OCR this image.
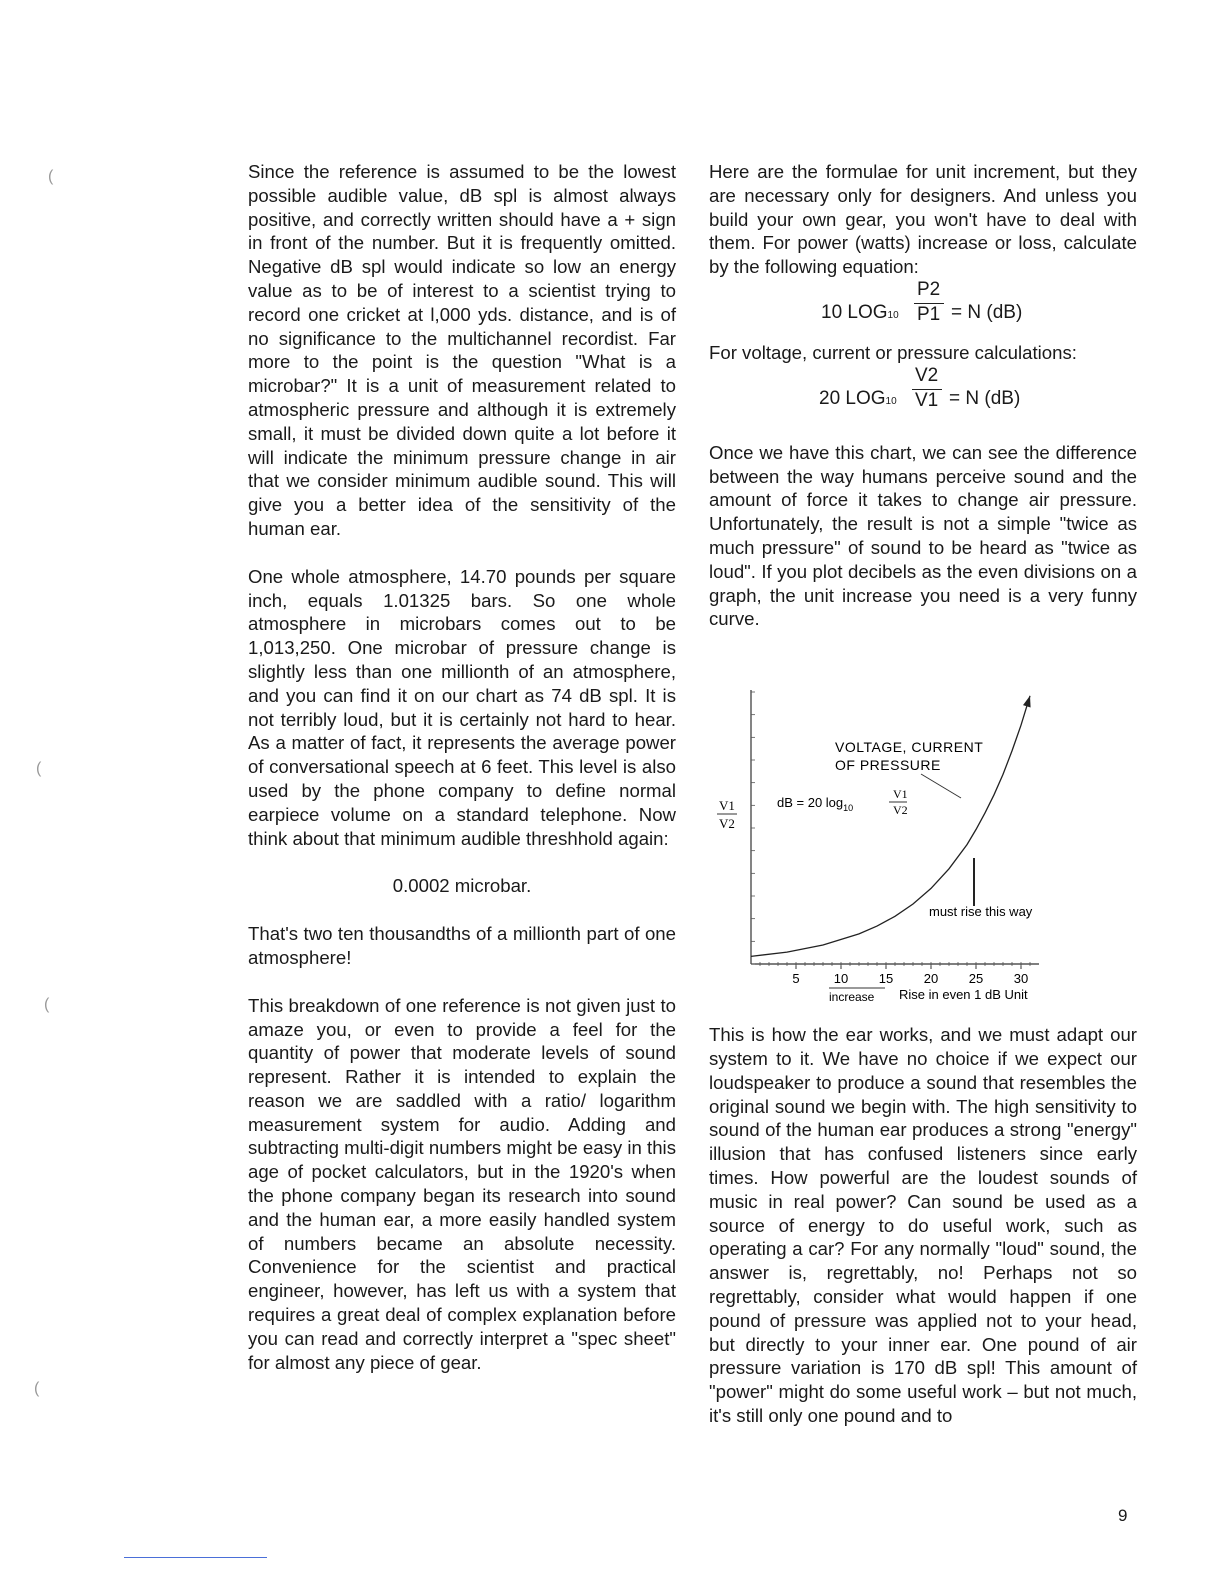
(
(
(
(

Since the reference is assumed to be the lowest possible audible value, dB spl is almost always positive, and correctly written should have a + sign in front of the number. But it is frequently omitted. Negative dB spl would indicate so low an energy value as to be of interest to a scientist trying to record one cricket at l,000 yds. distance, and is of no significance to the multichannel recordist. Far more to the point is the question "What is a microbar?" It is a unit of measurement related to atmospheric pressure and although it is extremely small, it must be divided down quite a lot before it will indicate the minimum pressure change in air that we consider minimum audible sound. This will give you a better idea of the sensitivity of the human ear.

One whole atmosphere, 14.70 pounds per square inch, equals 1.01325 bars. So one whole atmosphere in microbars comes out to be 1,013,250. One microbar of pressure change is slightly less than one millionth of an atmosphere, and you can find it on our chart as 74 dB spl. It is not terribly loud, but it is certainly not hard to hear. As a matter of fact, it represents the average power of conversational speech at 6 feet. This level is also used by the phone company to define normal earpiece volume on a standard telephone. Now think about that minimum audible threshhold again:

0.0002 microbar.

That's two ten thousandths of a millionth part of one atmosphere!

This breakdown of one reference is not given just to amaze you, or even to provide a feel for the quantity of power that moderate levels of sound represent. Rather it is intended to explain the reason we are saddled with a ratio/ logarithm measurement system for audio. Adding and subtracting multi-digit numbers might be easy in this age of pocket calculators, but in the 1920's when the phone company began its research into sound and the human ear, a more easily handled system of numbers became an absolute necessity. Convenience for the scientist and practical engineer, however, has left us with a system that requires a great deal of complex explanation before you can read and correctly interpret a "spec sheet" for almost any piece of gear.

Here are the formulae for unit increment, but they are necessary only for designers. And unless you build your own gear, you won't have to deal with them. For power (watts) increase or loss, calculate by the following equation:

10 LOG10
P2
P1 = N (dB)

For voltage, current or pressure calculations:

20 LOG10
V2
V1 = N (dB)

Once we have this chart, we can see the difference between the way humans perceive sound and the amount of force it takes to change air pressure. Unfortunately, the result is not a simple "twice as much pressure" of sound to be heard as "twice as loud". If you plot decibels as the even divisions on a graph, the unit increase you need is a very funny curve.

This is how the ear works, and we must adapt our system to it. We have no choice if we expect our loudspeaker to produce a sound that resembles the original sound we begin with. The high sensitivity to sound of the human ear produces a strong "energy" illusion that has confused listeners since early times. How powerful are the loudest sounds of music in real power? Can sound be used as a source of energy to do useful work, such as operating a car? For any normally "loud" sound, the answer is, regrettably, no! Perhaps not so regrettably, consider what would happen if one pound of pressure was applied not to your head, but directly to your inner ear. One pound of air pressure variation is 170 dB spl! This amount of "power" might do some useful work – but not much, it's still only one pound and to

V1
V2
VOLTAGE, CURRENT
OF PRESSURE
dB = 20 $\log_{10}$
V1
V2
must rise this way
5	10 15 20 25 30
increase Rise in even 1 dB Unit
9
